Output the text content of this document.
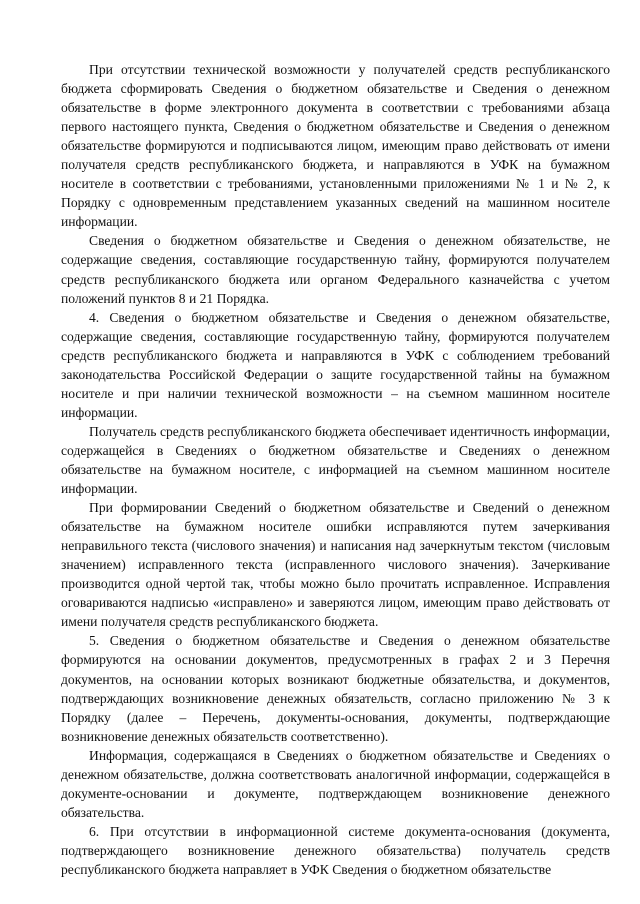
При отсутствии технической возможности у получателей средств республиканского бюджета сформировать Сведения о бюджетном обязательстве и Сведения о денежном обязательстве в форме электронного документа в соответствии с требованиями абзаца первого настоящего пункта, Сведения о бюджетном обязательстве и Сведения о денежном обязательстве формируются и подписываются лицом, имеющим право действовать от имени получателя средств республиканского бюджета, и направляются в УФК на бумажном носителе в соответствии с требованиями, установленными приложениями № 1 и № 2, к Порядку с одновременным представлением указанных сведений на машинном носителе информации.

Сведения о бюджетном обязательстве и Сведения о денежном обязательстве, не содержащие сведения, составляющие государственную тайну, формируются получателем средств республиканского бюджета или органом Федерального казначейства с учетом положений пунктов 8 и 21 Порядка.

4. Сведения о бюджетном обязательстве и Сведения о денежном обязательстве, содержащие сведения, составляющие государственную тайну, формируются получателем средств республиканского бюджета и направляются в УФК с соблюдением требований законодательства Российской Федерации о защите государственной тайны на бумажном носителе и при наличии технической возможности – на съемном машинном носителе информации.

Получатель средств республиканского бюджета обеспечивает идентичность информации, содержащейся в Сведениях о бюджетном обязательстве и Сведениях о денежном обязательстве на бумажном носителе, с информацией на съемном машинном носителе информации.

При формировании Сведений о бюджетном обязательстве и Сведений о денежном обязательстве на бумажном носителе ошибки исправляются путем зачеркивания неправильного текста (числового значения) и написания над зачеркнутым текстом (числовым значением) исправленного текста (исправленного числового значения). Зачеркивание производится одной чертой так, чтобы можно было прочитать исправленное. Исправления оговариваются надписью «исправлено» и заверяются лицом, имеющим право действовать от имени получателя средств республиканского бюджета.

5. Сведения о бюджетном обязательстве и Сведения о денежном обязательстве формируются на основании документов, предусмотренных в графах 2 и 3 Перечня документов, на основании которых возникают бюджетные обязательства, и документов, подтверждающих возникновение денежных обязательств, согласно приложению № 3 к Порядку (далее – Перечень, документы-основания, документы, подтверждающие возникновение денежных обязательств соответственно).

Информация, содержащаяся в Сведениях о бюджетном обязательстве и Сведениях о денежном обязательстве, должна соответствовать аналогичной информации, содержащейся в документе-основании и документе, подтверждающем возникновение денежного обязательства.

6. При отсутствии в информационной системе документа-основания (документа, подтверждающего возникновение денежного обязательства) получатель средств республиканского бюджета направляет в УФК Сведения о бюджетном обязательстве
